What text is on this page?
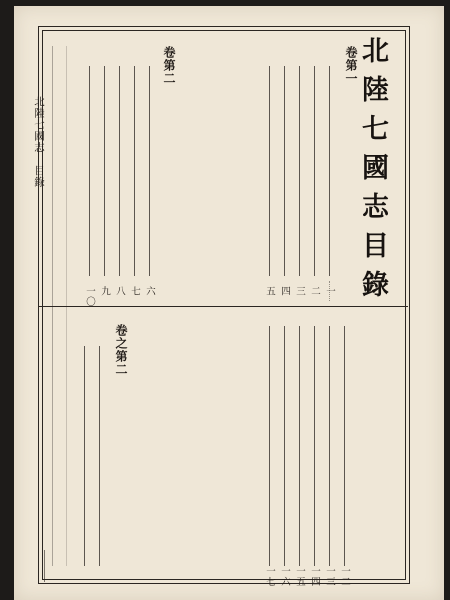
北陸七國志　目錄	北陸七國志目錄
卷第一
卷第二
一
二
三
四
五
六
七
八
九
一〇
卷之第二
一二
一三
一四
一五
一六
一七
